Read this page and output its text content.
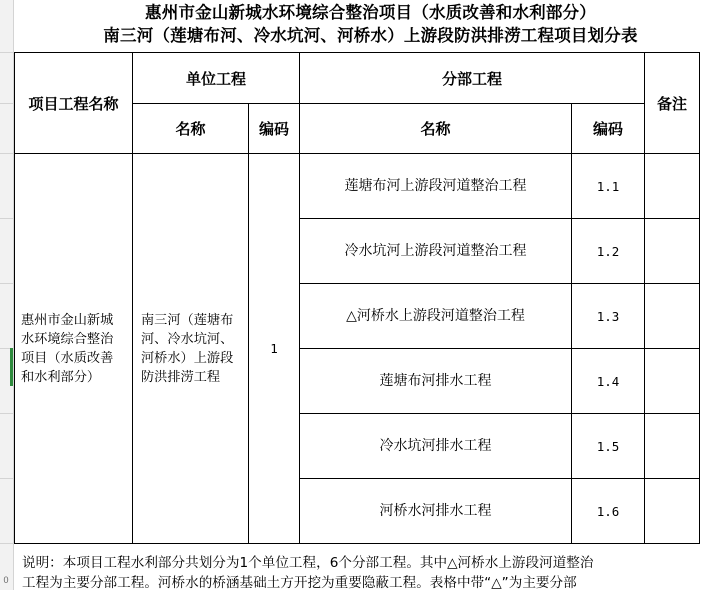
0
惠州市金山新城水环境综合整治项目（水质改善和水利部分）
南三河（莲塘布河、冷水坑河、河桥水）上游段防洪排涝工程项目划分表
项目工程名称	单位工程		分部工程		备注
	名称	编码	名称	编码	

惠州市金山新城水环境综合整治项目（水质改善和水利部分）	南三河（莲塘布河、冷水坑河、河桥水）上游段防洪排涝工程	1	莲塘布河上游段河道整治工程	1.1	
			冷水坑河上游段河道整治工程	1.2	
			△河桥水上游段河道整治工程	1.3	
			莲塘布河排水工程	1.4	
			冷水坑河排水工程	1.5	
			河桥水河排水工程	1.6	
说明：本项目工程水利部分共划分为1个单位工程，6个分部工程。其中△河桥水上游段河道整治
工程为主要分部工程。河桥水的桥涵基础土方开挖为重要隐蔽工程。表格中带“△”为主要分部
